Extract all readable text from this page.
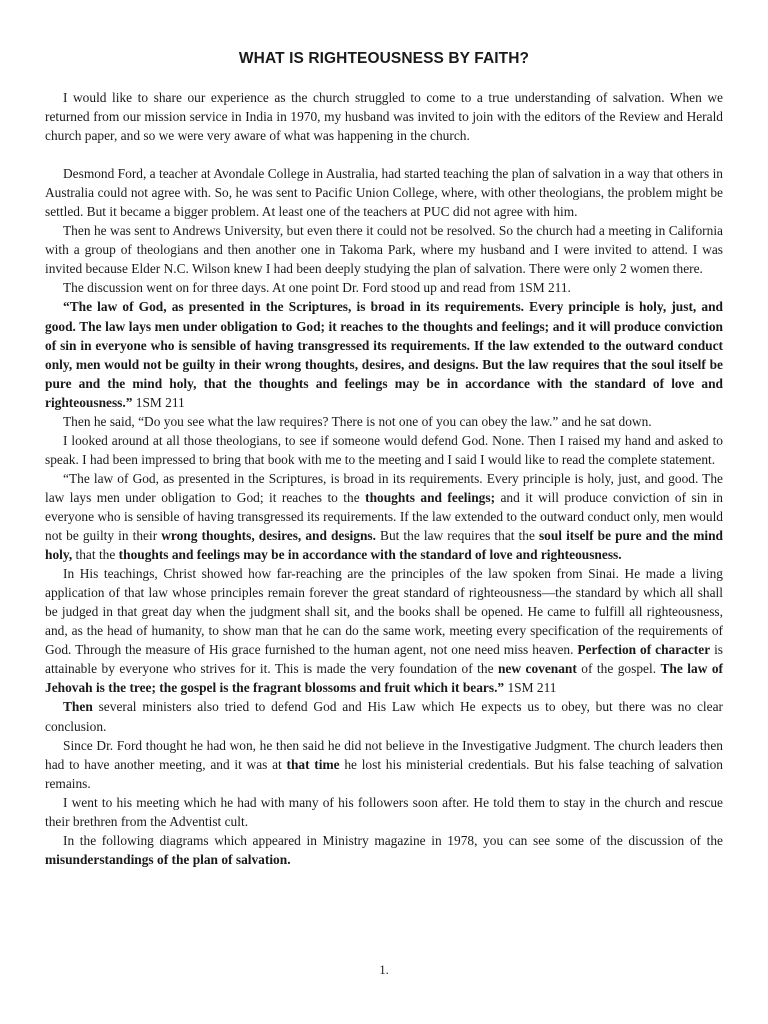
WHAT IS RIGHTEOUSNESS BY FAITH?

I would like to share our experience as the church struggled to come to a true understanding of salvation. When we returned from our mission service in India in 1970, my husband was invited to join with the editors of the Review and Herald church paper, and so we were very aware of what was happening in the church.

Desmond Ford, a teacher at Avondale College in Australia, had started teaching the plan of salvation in a way that others in Australia could not agree with. So, he was sent to Pacific Union College, where, with other theologians, the problem might be settled. But it became a bigger problem. At least one of the teachers at PUC did not agree with him.

Then he was sent to Andrews University, but even there it could not be resolved. So the church had a meeting in California with a group of theologians and then another one in Takoma Park, where my husband and I were invited to attend. I was invited because Elder N.C. Wilson knew I had been deeply studying the plan of salvation. There were only 2 women there.

The discussion went on for three days. At one point Dr. Ford stood up and read from 1SM 211.

“The law of God, as presented in the Scriptures, is broad in its requirements. Every principle is holy, just, and good. The law lays men under obligation to God; it reaches to the thoughts and feelings; and it will produce conviction of sin in everyone who is sensible of having transgressed its requirements. If the law extended to the outward conduct only, men would not be guilty in their wrong thoughts, desires, and designs. But the law requires that the soul itself be pure and the mind holy, that the thoughts and feelings may be in accordance with the standard of love and righteousness.” 1SM 211

Then he said, “Do you see what the law requires? There is not one of you can obey the law.” and he sat down.

I looked around at all those theologians, to see if someone would defend God. None. Then I raised my hand and asked to speak. I had been impressed to bring that book with me to the meeting and I said I would like to read the complete statement.

“The law of God, as presented in the Scriptures, is broad in its requirements. Every principle is holy, just, and good. The law lays men under obligation to God; it reaches to the thoughts and feelings; and it will produce conviction of sin in everyone who is sensible of having transgressed its requirements. If the law extended to the outward conduct only, men would not be guilty in their wrong thoughts, desires, and designs. But the law requires that the soul itself be pure and the mind holy, that the thoughts and feelings may be in accordance with the standard of love and righteousness.

In His teachings, Christ showed how far-reaching are the principles of the law spoken from Sinai. He made a living application of that law whose principles remain forever the great standard of righteousness—the standard by which all shall be judged in that great day when the judgment shall sit, and the books shall be opened. He came to fulfill all righteousness, and, as the head of humanity, to show man that he can do the same work, meeting every specification of the requirements of God. Through the measure of His grace furnished to the human agent, not one need miss heaven. Perfection of character is attainable by everyone who strives for it. This is made the very foundation of the new covenant of the gospel. The law of Jehovah is the tree; the gospel is the fragrant blossoms and fruit which it bears.” 1SM 211

Then several ministers also tried to defend God and His Law which He expects us to obey, but there was no clear conclusion.

Since Dr. Ford thought he had won, he then said he did not believe in the Investigative Judgment. The church leaders then had to have another meeting, and it was at that time he lost his ministerial credentials. But his false teaching of salvation remains.

I went to his meeting which he had with many of his followers soon after. He told them to stay in the church and rescue their brethren from the Adventist cult.

In the following diagrams which appeared in Ministry magazine in 1978, you can see some of the discussion of the misunderstandings of the plan of salvation.

1.
